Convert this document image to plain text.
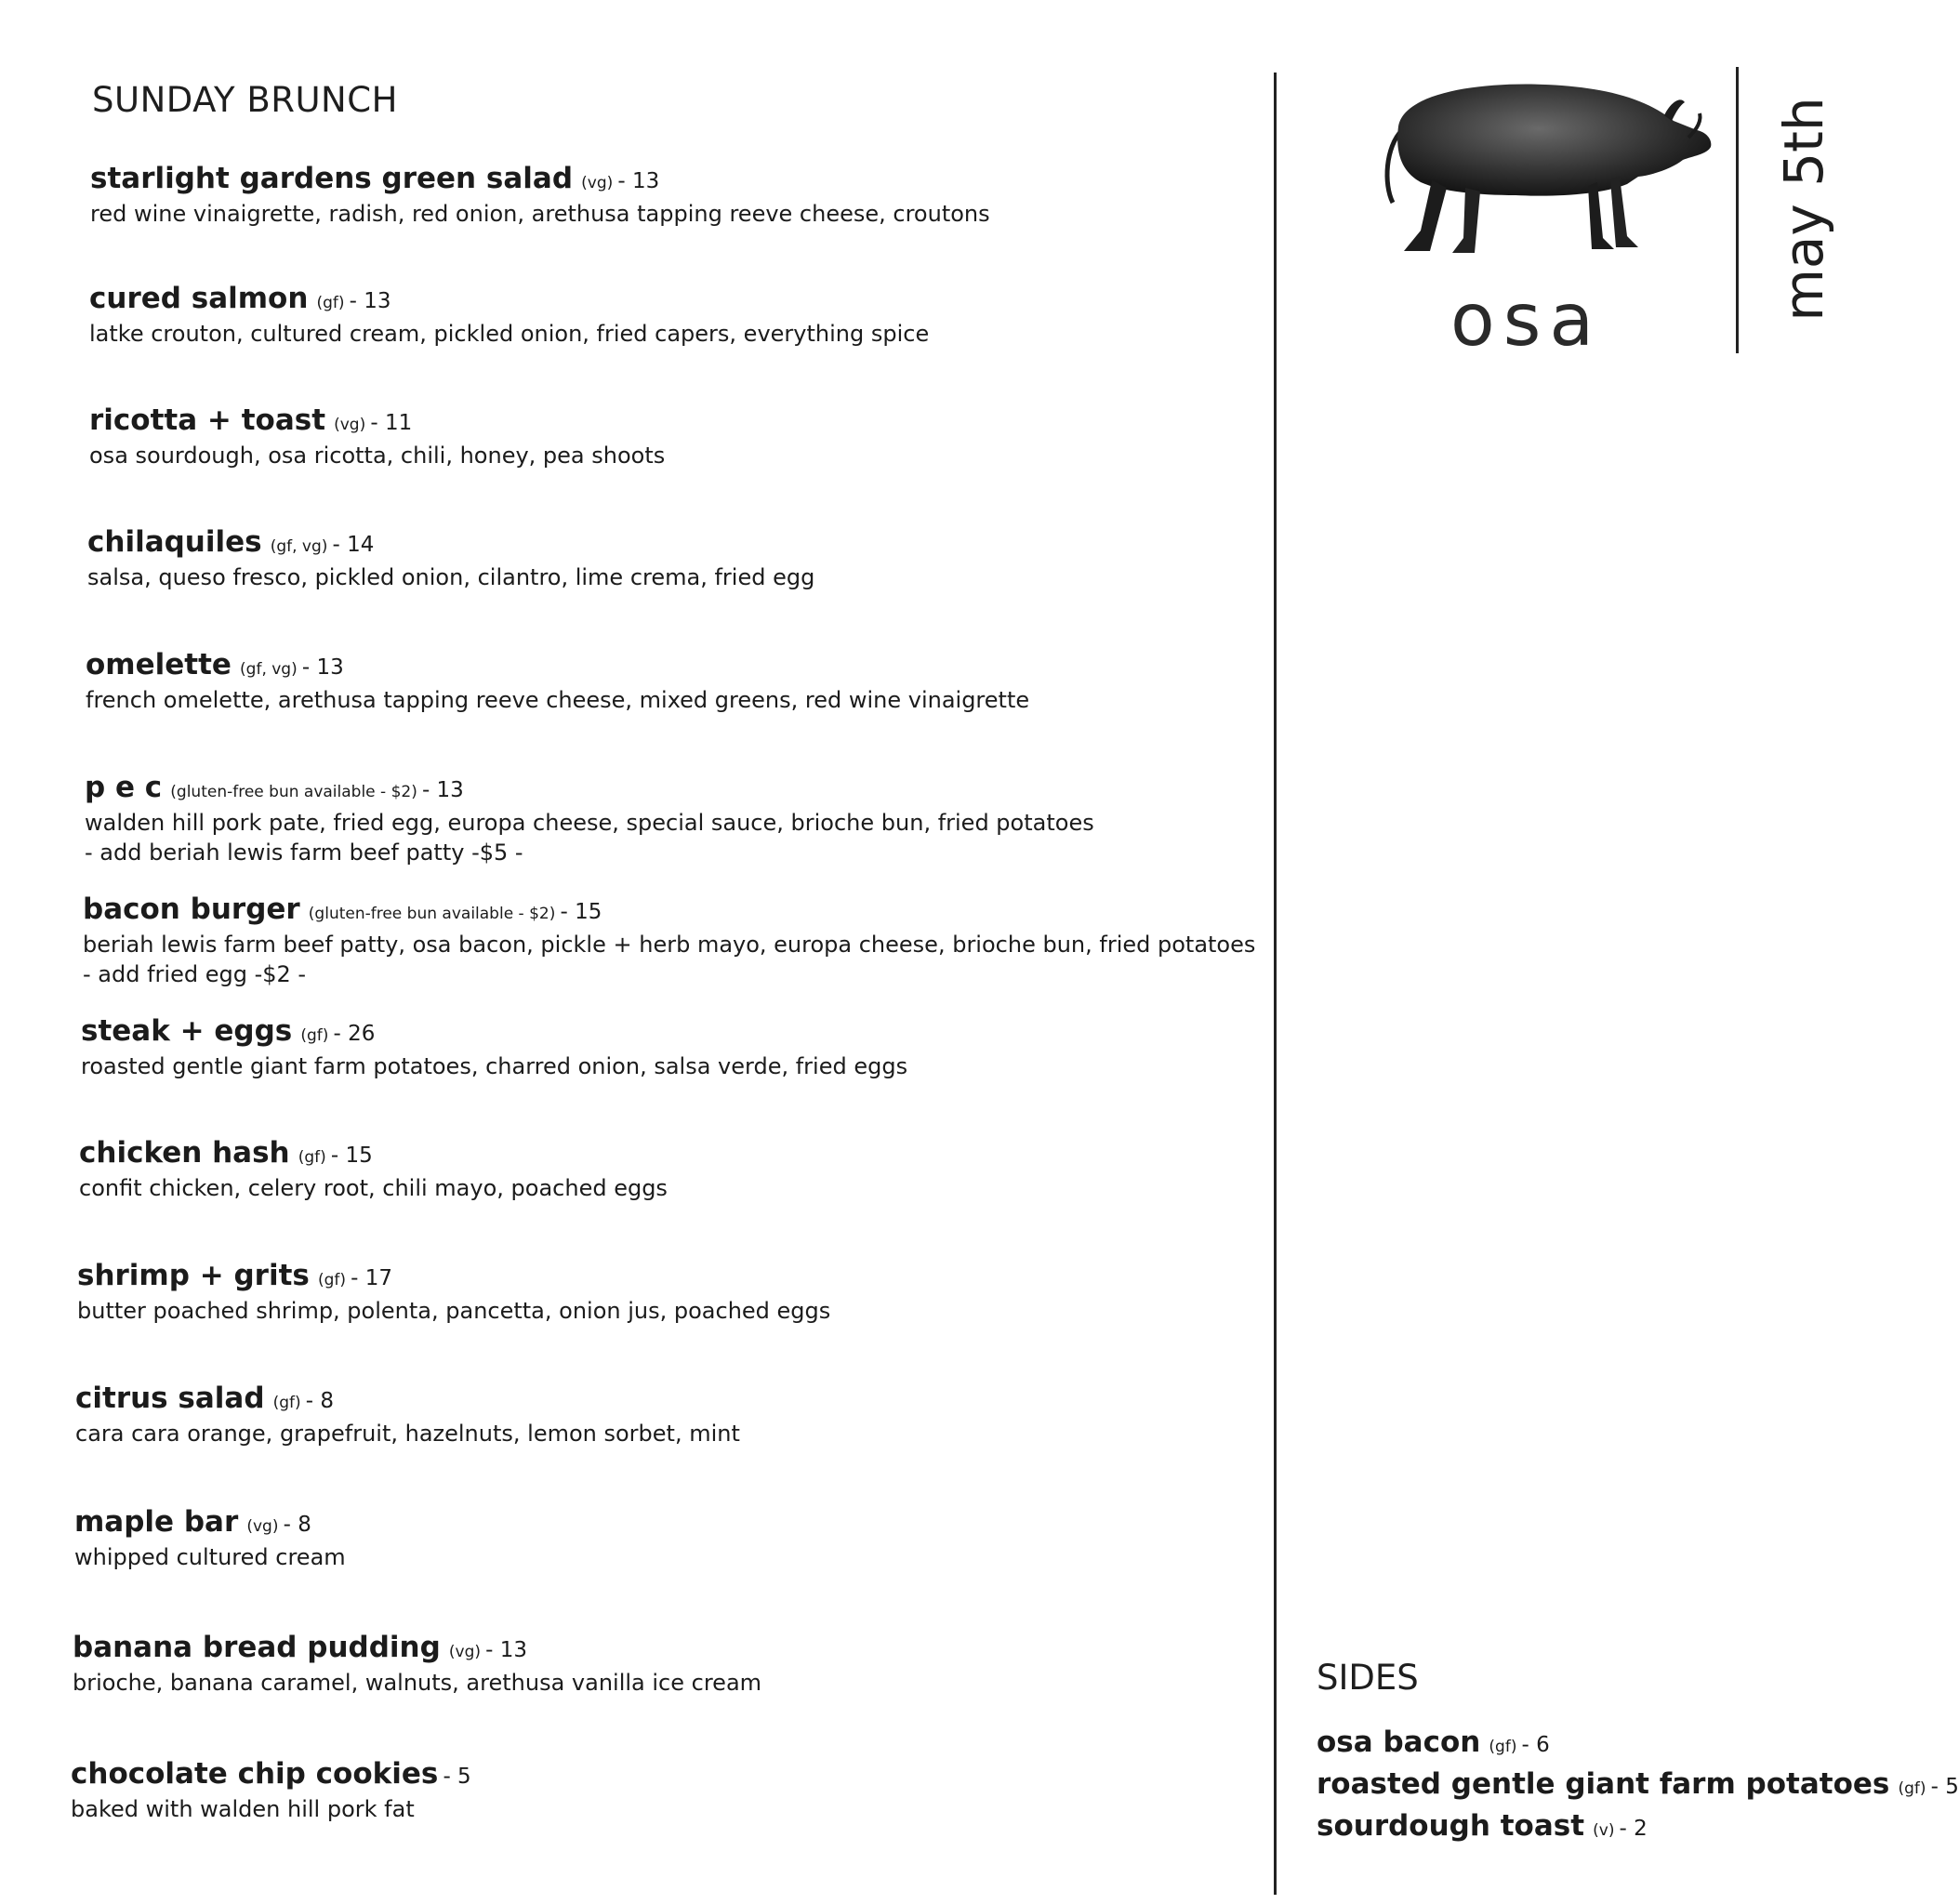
SUNDAY BRUNCH
starlight gardens green salad (vg) - 13
red wine vinaigrette, radish, red onion, arethusa tapping reeve cheese, croutons
cured salmon (gf) - 13
latke crouton, cultured cream, pickled onion, fried capers, everything spice
ricotta + toast (vg) - 11
osa sourdough, osa ricotta, chili, honey, pea shoots
chilaquiles (gf, vg) - 14
salsa, queso fresco, pickled onion, cilantro, lime crema, fried egg
omelette (gf, vg) - 13
french omelette, arethusa tapping reeve cheese, mixed greens, red wine vinaigrette
p e c (gluten-free bun available - $2) - 13
walden hill pork pate, fried egg, europa cheese, special sauce, brioche bun, fried potatoes
- add beriah lewis farm beef patty -$5 -
bacon burger (gluten-free bun available - $2) - 15
beriah lewis farm beef patty, osa bacon, pickle + herb mayo, europa cheese, brioche bun, fried potatoes
- add fried egg -$2 -
steak + eggs (gf) - 26
roasted gentle giant farm potatoes, charred onion, salsa verde, fried eggs
chicken hash (gf) - 15
confit chicken, celery root, chili mayo, poached eggs
shrimp + grits (gf) - 17
butter poached shrimp, polenta, pancetta, onion jus, poached eggs
citrus salad (gf) - 8
cara cara orange, grapefruit, hazelnuts, lemon sorbet, mint
maple bar (vg) - 8
whipped cultured cream
banana bread pudding (vg) - 13
brioche, banana caramel, walnuts, arethusa vanilla ice cream
chocolate chip cookies - 5
baked with walden hill pork fat
osa	may 5th
SIDES
osa bacon (gf) - 6
roasted gentle giant farm potatoes (gf) - 5
sourdough toast (v) - 2
